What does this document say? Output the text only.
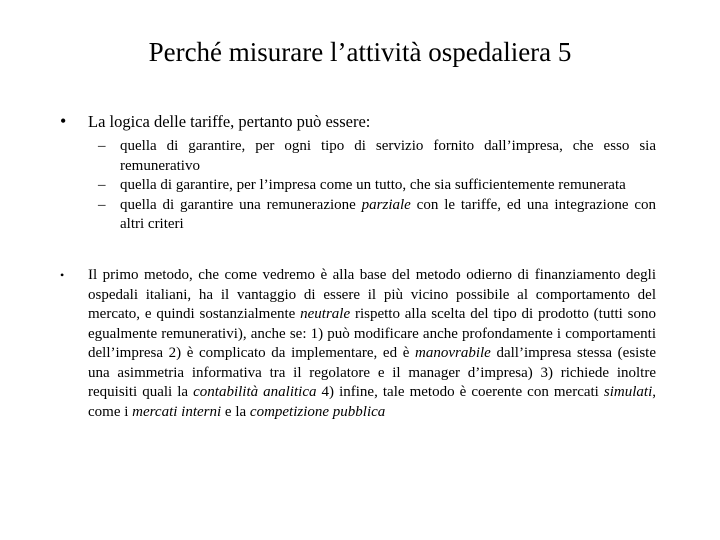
Perché misurare l’attività ospedaliera 5
•	La logica delle tariffe, pertanto può essere:
– quella di garantire, per ogni tipo di servizio fornito dall’impresa, che esso sia remunerativo
– quella di garantire, per l’impresa come un tutto, che sia sufficientemente remunerata
– quella di garantire una remunerazione parziale con le tariffe, ed una integrazione con altri criteri
•	Il primo metodo, che come vedremo è alla base del metodo odierno di finanziamento degli ospedali italiani, ha il vantaggio di essere il più vicino possibile al comportamento del mercato, e quindi sostanzialmente neutrale rispetto alla scelta del tipo di prodotto (tutti sono egualmente remunerativi), anche se: 1) può modificare anche profondamente i comportamenti dell’impresa 2) è complicato da implementare, ed è manovrabile dall’impresa stessa (esiste una asimmetria informativa tra il regolatore e il manager d’impresa) 3) richiede inoltre requisiti quali la contabilità analitica 4) infine, tale metodo è coerente con mercati simulati, come i mercati interni e la competizione pubblica
